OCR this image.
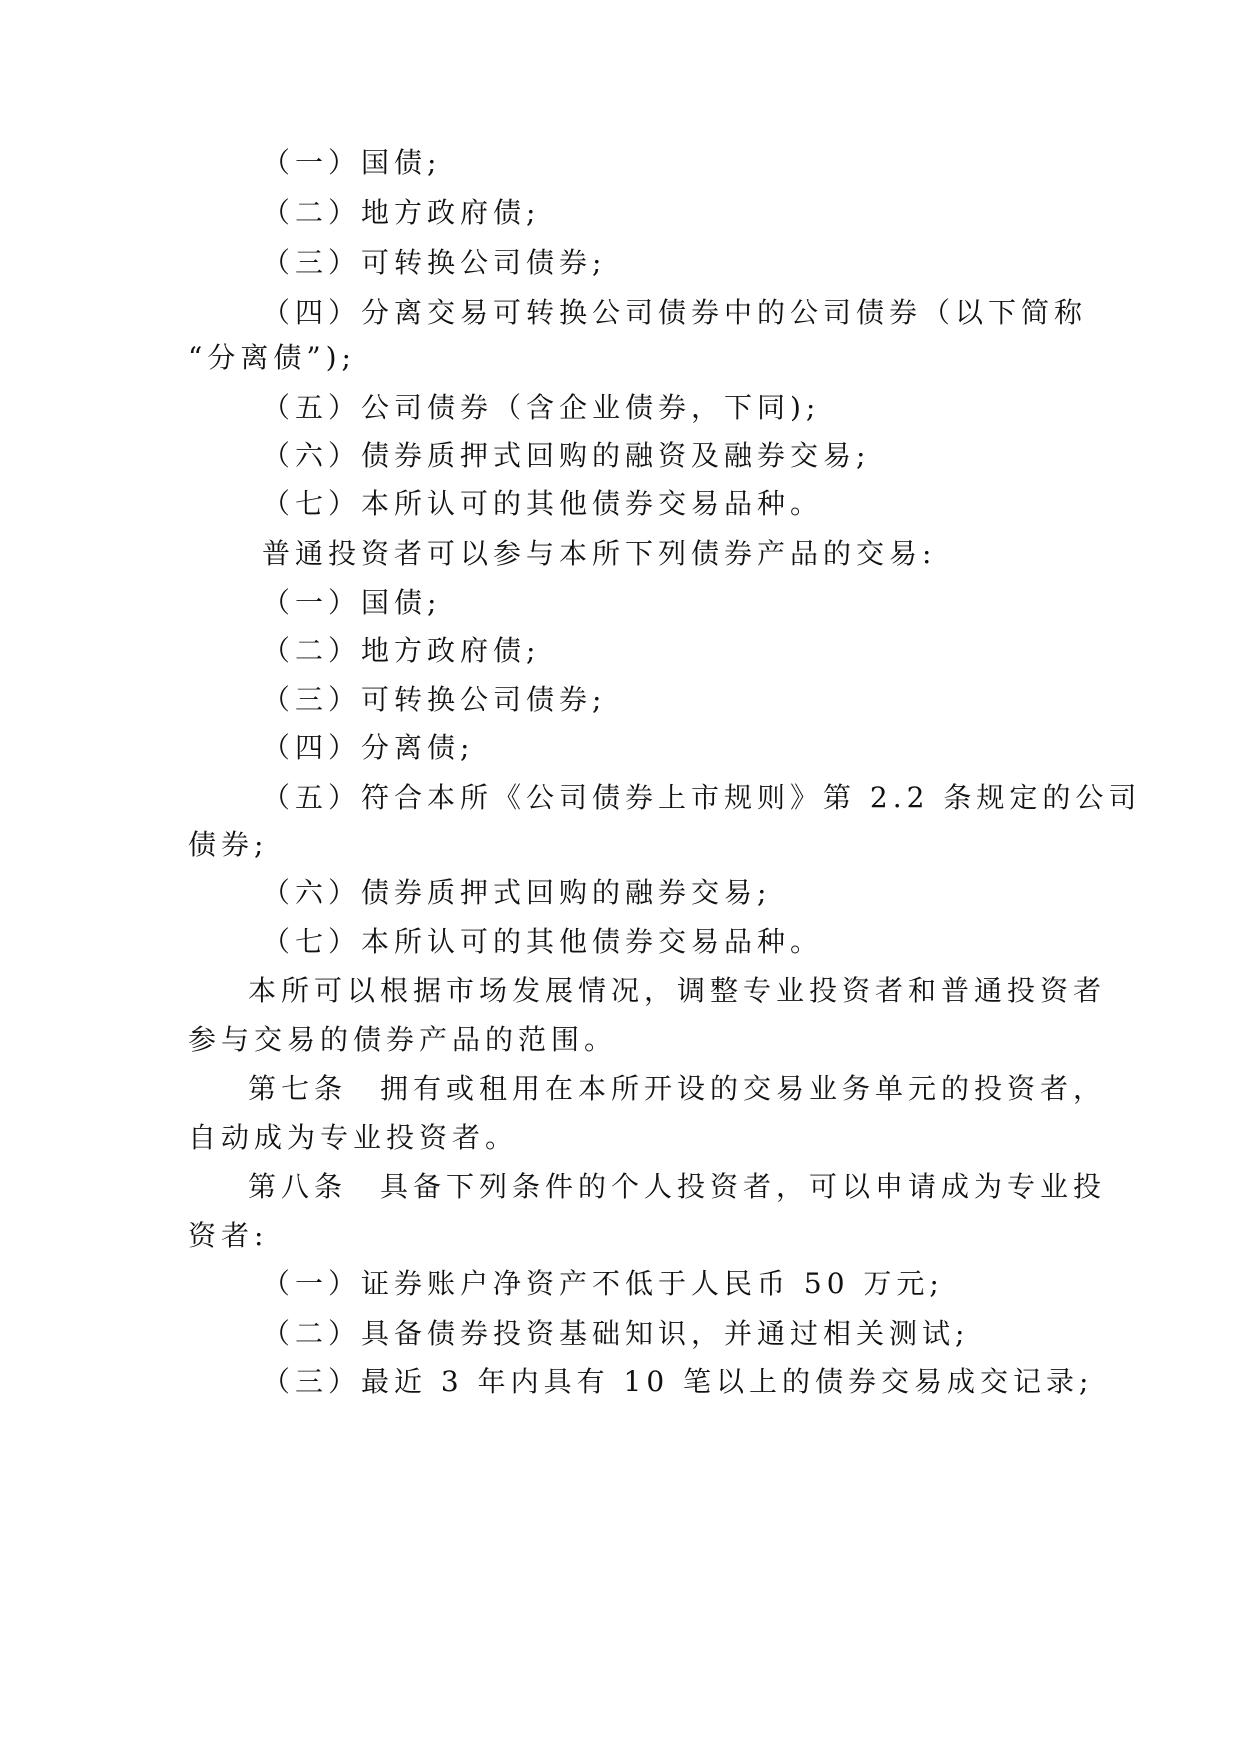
（一）国债;
（二）地方政府债;
（三）可转换公司债券;
（四）分离交易可转换公司债券中的公司债券（以下简称
“分离债”);
（五）公司债券（含企业债券，下同);
（六）债券质押式回购的融资及融券交易;
（七）本所认可的其他债券交易品种。
普通投资者可以参与本所下列债券产品的交易:
（一）国债;
（二）地方政府债;
（三）可转换公司债券;
（四）分离债;
（五）符合本所《公司债券上市规则》第 2.2 条规定的公司
债券;
（六）债券质押式回购的融券交易;
（七）本所认可的其他债券交易品种。
本所可以根据市场发展情况，调整专业投资者和普通投资者
参与交易的债券产品的范围。
第七条　拥有或租用在本所开设的交易业务单元的投资者，
自动成为专业投资者。
第八条　具备下列条件的个人投资者，可以申请成为专业投
资者:
（一）证券账户净资产不低于人民币 50 万元;
（二）具备债券投资基础知识，并通过相关测试;
（三）最近 3 年内具有 10 笔以上的债券交易成交记录;
